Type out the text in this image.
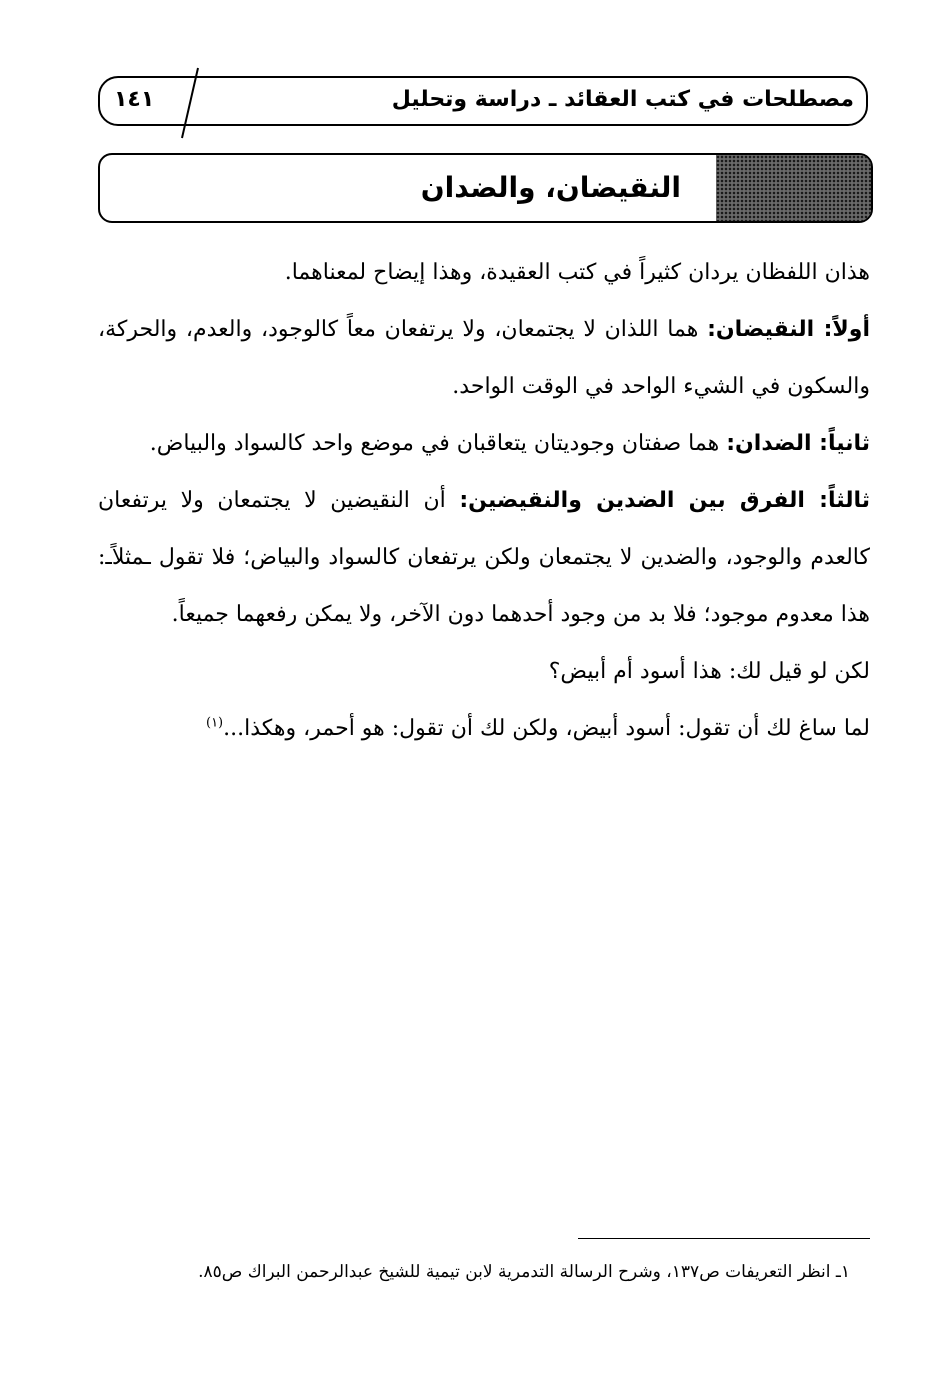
مصطلحات في كتب العقائد ـ دراسة وتحليل
١٤١
النقيضان، والضدان

هذان اللفظان يردان كثيراً في كتب العقيدة، وهذا إيضاح لمعناهما.

أولاً: النقيضان: هما اللذان لا يجتمعان، ولا يرتفعان معاً كالوجود، والعدم، والحركة، والسكون في الشيء الواحد في الوقت الواحد.

ثانياً: الضدان: هما صفتان وجوديتان يتعاقبان في موضع واحد كالسواد والبياض.

ثالثاً: الفرق بين الضدين والنقيضين: أن النقيضين لا يجتمعان ولا يرتفعان كالعدم والوجود، والضدين لا يجتمعان ولكن يرتفعان كالسواد والبياض؛ فلا تقول ـمثلاًـ: هذا معدوم موجود؛ فلا بد من وجود أحدهما دون الآخر، ولا يمكن رفعهما جميعاً.

لكن لو قيل لك: هذا أسود أم أبيض؟

لما ساغ لك أن تقول: أسود أبيض، ولكن لك أن تقول: هو أحمر، وهكذا...$^{(١)}$

١ـ انظر التعريفات ص١٣٧، وشرح الرسالة التدمرية لابن تيمية للشيخ عبدالرحمن البراك ص٨٥.
